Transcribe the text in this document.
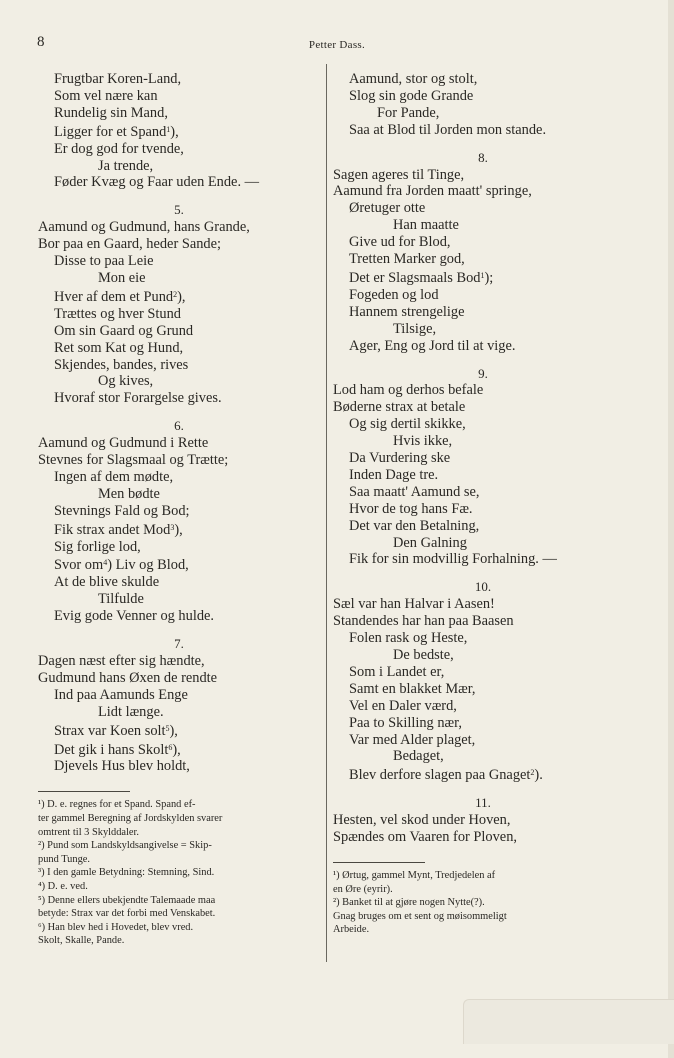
8	Petter Dass.
Frugtbar Koren-Land,
Som vel nære kan
Rundelig sin Mand,
Ligger for et Spand$^1$),
Er dog god for tvende,
Ja trende,
Føder Kvæg og Faar uden Ende. —
5.
Aamund og Gudmund, hans Grande,
Bor paa en Gaard, heder Sande;
Disse to paa Leie
Mon eie
Hver af dem et Pund$^2$),
Trættes og hver Stund
Om sin Gaard og Grund
Ret som Kat og Hund,
Skjendes, bandes, rives
Og kives,
Hvoraf stor Forargelse gives.
6.
Aamund og Gudmund i Rette
Stevnes for Slagsmaal og Trætte;
Ingen af dem mødte,
Men bødte
Stevnings Fald og Bod;
Fik strax andet Mod$^3$),
Sig forlige lod,
Svor $om^4$) Liv og Blod,
At de blive skulde
Tilfulde
Evig gode Venner og hulde.
7.
Dagen næst efter sig hændte,
Gudmund hans Øxen de rendte
Ind paa Aamunds Enge
Lidt længe.
Strax var Koen solt$^5$),
Det gik i hans Skolt$^6$),
Djevels Hus blev holdt,
¹) D. e. regnes for et Spand. Spand ef-
ter gammel Beregning af Jordskylden svarer
omtrent til 3 Skylddaler.
²) Pund som Landskyldsangivelse = Skip-
pund Tunge.
³) I den gamle Betydning: Stemning, Sind.
⁴) D. e. ved.
⁵) Denne ellers ubekjendte Talemaade maa
betyde: Strax var det forbi med Venskabet.
⁶) Han blev hed i Hovedet, blev vred.
Skolt, Skalle, Pande.
Aamund, stor og stolt,
Slog sin gode Grande
For Pande,
Saa at Blod til Jorden mon stande.
8.
Sagen ageres til Tinge,
Aamund fra Jorden maatt' springe,
Øretuger otte
Han maatte
Give ud for Blod,
Tretten Marker god,
Det er Slagsmaals Bod$^1$);
Fogeden og lod
Hannem strengelige
Tilsige,
Ager, Eng og Jord til at vige.
9.
Lod ham og derhos befale
Bøderne strax at betale
Og sig dertil skikke,
Hvis ikke,
Da Vurdering ske
Inden Dage tre.
Saa maatt' Aamund se,
Hvor de tog hans Fæ.
Det var den Betalning,
Den Galning
Fik for sin modvillig Forhalning. —
10.
Sæl var han Halvar i Aasen!
Standendes har han paa Baasen
Folen rask og Heste,
De bedste,
Som i Landet er,
Samt en blakket Mær,
Vel en Daler værd,
Paa to Skilling nær,
Var med Alder plaget,
Bedaget,
Blev derfore slagen paa Gnaget$^2$).
11.
Hesten, vel skod under Hoven,
Spændes om Vaaren for Ploven,
¹) Ørtug, gammel Mynt, Tredjedelen af
en Øre (eyrir).
²) Banket til at gjøre nogen Nytte(?).
Gnag bruges om et sent og møisommeligt
Arbeide.
